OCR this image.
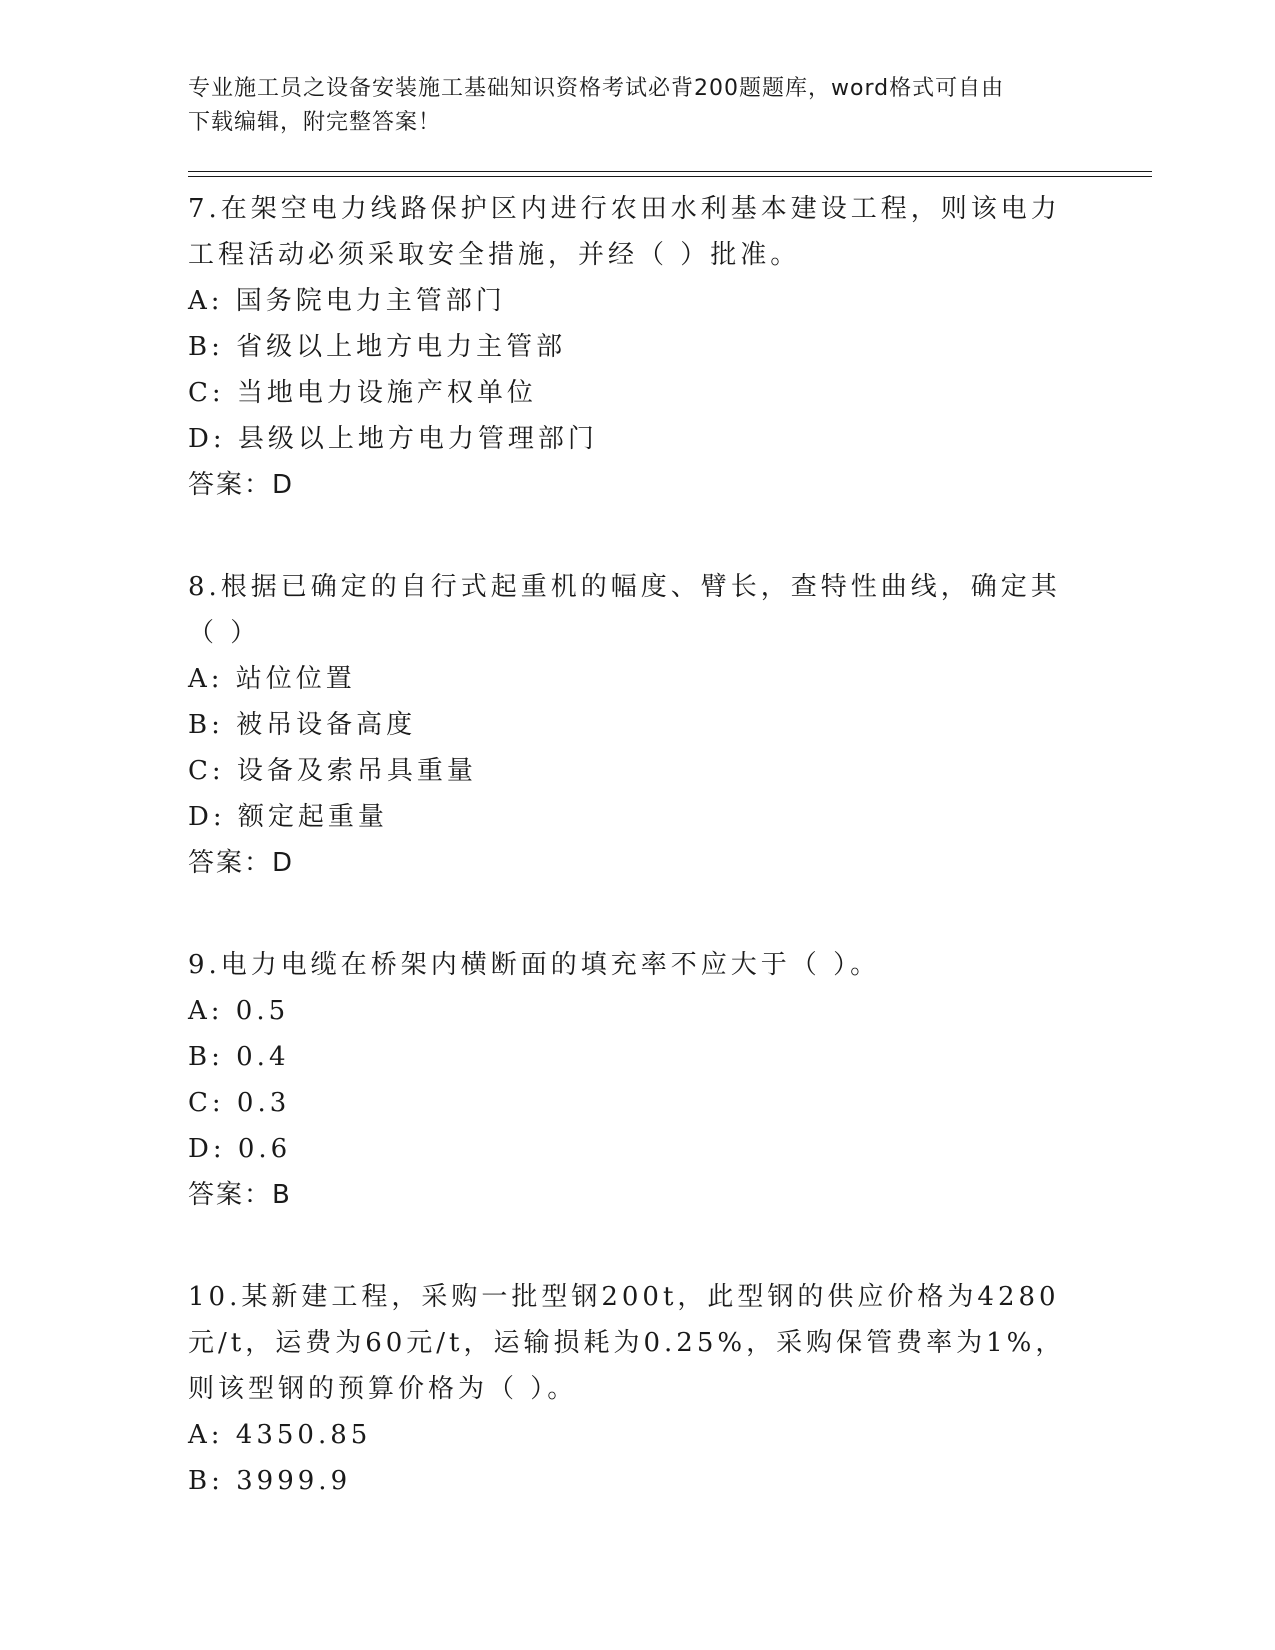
专业施工员之设备安装施工基础知识资格考试必背200题题库，word格式可自由
下载编辑，附完整答案！
7.在架空电力线路保护区内进行农田水利基本建设工程，则该电力工程活动必须采取安全措施，并经（ ）批准。
A: 国务院电力主管部门
B: 省级以上地方电力主管部
C: 当地电力设施产权单位
D: 县级以上地方电力管理部门
答案：D
8.根据已确定的自行式起重机的幅度、臂长，查特性曲线，确定其（ ）
A: 站位位置
B: 被吊设备高度
C: 设备及索吊具重量
D: 额定起重量
答案：D
9.电力电缆在桥架内横断面的填充率不应大于（ ）。
A: 0.5
B: 0.4
C: 0.3
D: 0.6
答案：B
10.某新建工程，采购一批型钢200t，此型钢的供应价格为4280元/t，运费为60元/t，运输损耗为0.25%，采购保管费率为1%，则该型钢的预算价格为（ ）。
A: 4350.85
B: 3999.9
